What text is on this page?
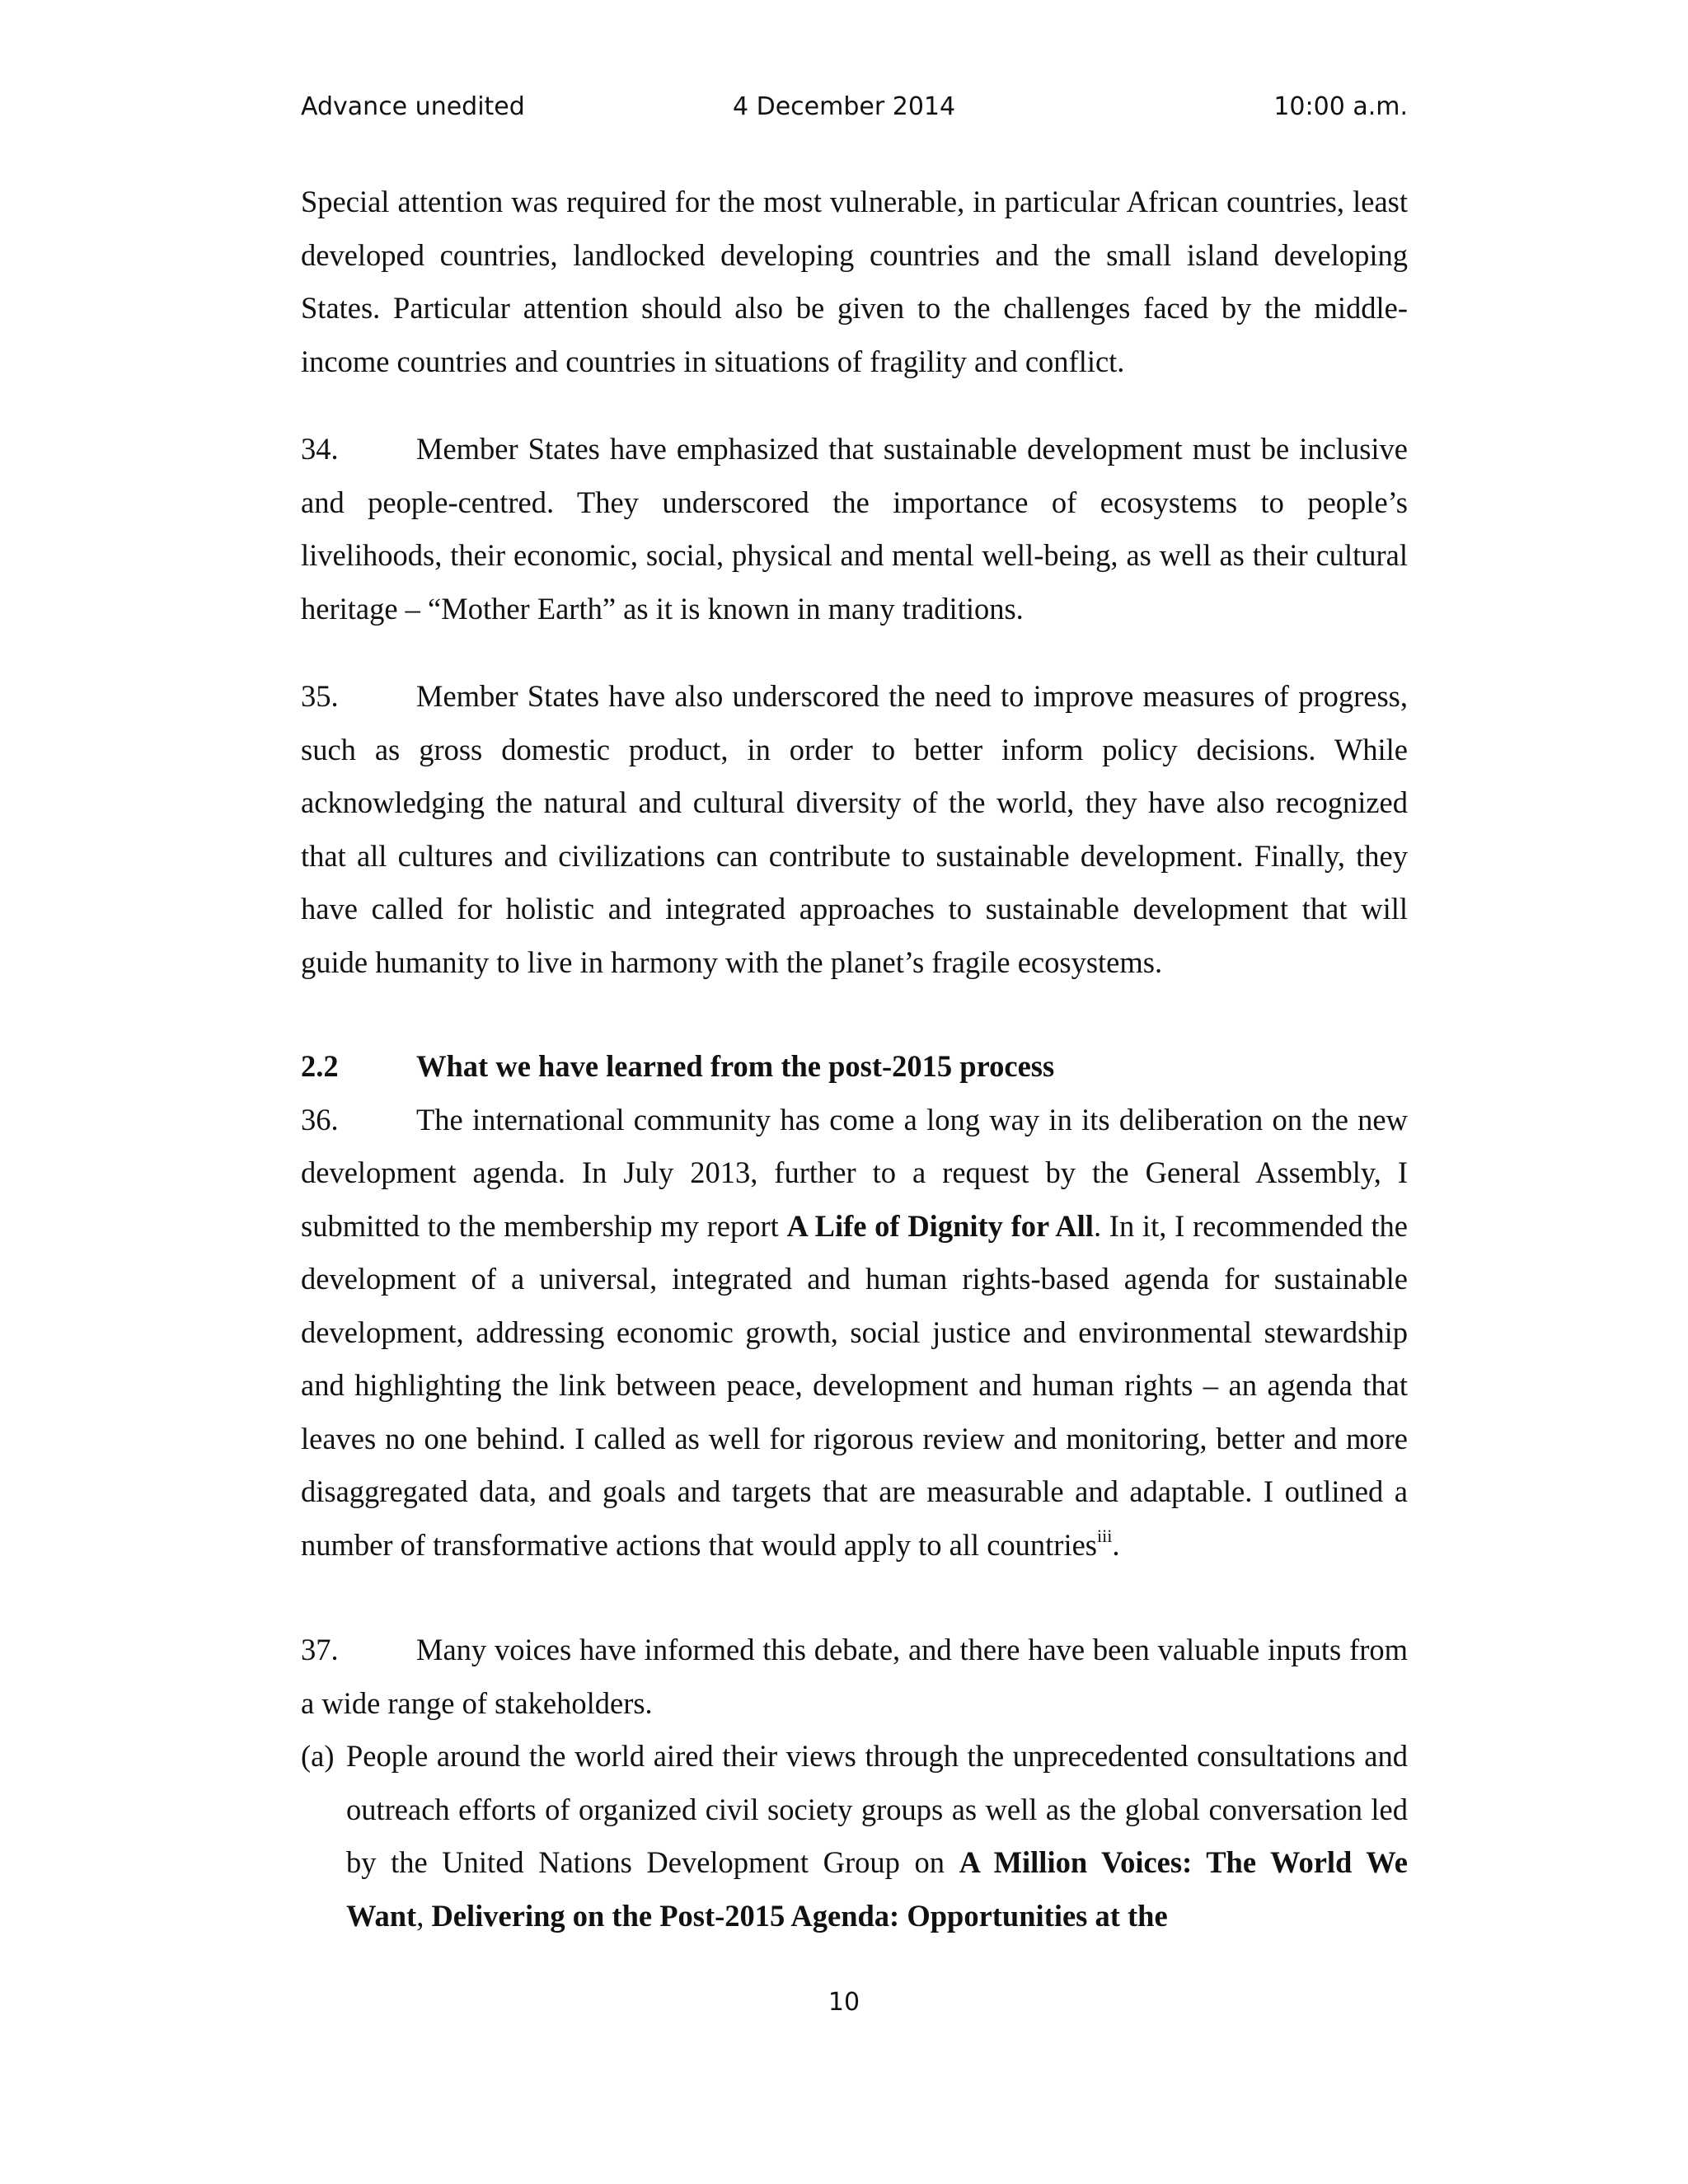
Advance unedited	4 December 2014	10:00 a.m.

Special attention was required for the most vulnerable, in particular African countries, least developed countries, landlocked developing countries and the small island developing States. Particular attention should also be given to the challenges faced by the middle-income countries and countries in situations of fragility and conflict.

34.	Member States have emphasized that sustainable development must be inclusive and people-centred. They underscored the importance of ecosystems to people’s livelihoods, their economic, social, physical and mental well-being, as well as their cultural heritage – “Mother Earth” as it is known in many traditions.

35.	Member States have also underscored the need to improve measures of progress, such as gross domestic product, in order to better inform policy decisions. While acknowledging the natural and cultural diversity of the world, they have also recognized that all cultures and civilizations can contribute to sustainable development. Finally, they have called for holistic and integrated approaches to sustainable development that will guide humanity to live in harmony with the planet’s fragile ecosystems.

2.2	What we have learned from the post-2015 process

36.	The international community has come a long way in its deliberation on the new development agenda. In July 2013, further to a request by the General Assembly, I submitted to the membership my report A Life of Dignity for All. In it, I recommended the development of a universal, integrated and human rights-based agenda for sustainable development, addressing economic growth, social justice and environmental stewardship and highlighting the link between peace, development and human rights – an agenda that leaves no one behind. I called as well for rigorous review and monitoring, better and more disaggregated data, and goals and targets that are measurable and adaptable. I outlined a number of transformative actions that would apply to all countries$^{iii}$.

37.	Many voices have informed this debate, and there have been valuable inputs from a wide range of stakeholders.

(a) People around the world aired their views through the unprecedented consultations and outreach efforts of organized civil society groups as well as the global conversation led by the United Nations Development Group on A Million Voices: The World We Want, Delivering on the Post-2015 Agenda: Opportunities at the

10
